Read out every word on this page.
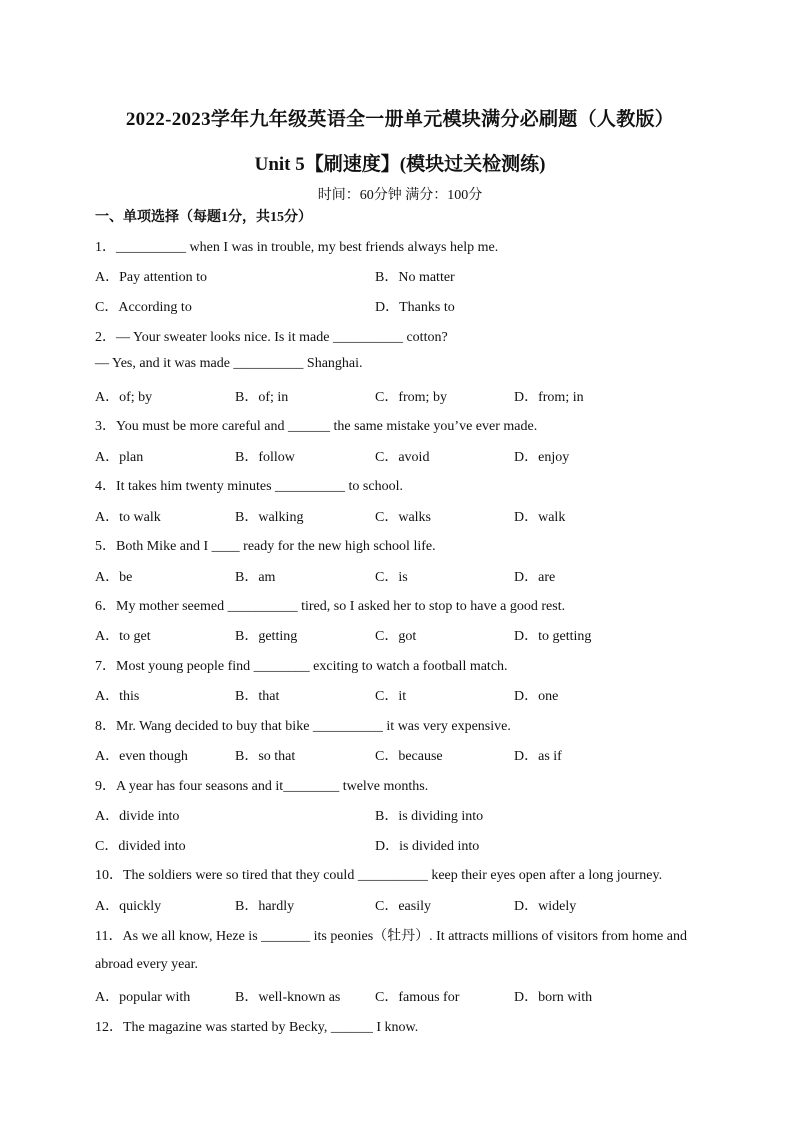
2022-2023学年九年级英语全一册单元模块满分必刷题（人教版）
Unit 5【刷速度】(模块过关检测练)
时间：60分钟 满分：100分
一、单项选择（每题1分，共15分）
1．__________ when I was in trouble, my best friends always help me.
A．Pay attention to	B．No matter
C．According to	D．Thanks to
2．— Your sweater looks nice. Is it made __________ cotton?
— Yes, and it was made __________ Shanghai.
A．of; by	B．of; in	C．from; by	D．from; in
3．You must be more careful and ______ the same mistake you’ve ever made.
A．plan	B．follow	C．avoid	D．enjoy
4．It takes him twenty minutes __________ to school.
A．to walk	B．walking	C．walks	D．walk
5．Both Mike and I ____ ready for the new high school life.
A．be	B．am	C．is	D．are
6．My mother seemed __________ tired, so I asked her to stop to have a good rest.
A．to get	B．getting	C．got	D．to getting
7．Most young people find ________ exciting to watch a football match.
A．this	B．that	C．it	D．one
8．Mr. Wang decided to buy that bike __________ it was very expensive.
A．even though	B．so that	C．because	D．as if
9．A year has four seasons and it________ twelve months.
A．divide into	B．is dividing into
C．divided into	D．is divided into
10．The soldiers were so tired that they could __________ keep their eyes open after a long journey.
A．quickly	B．hardly	C．easily	D．widely
11．As we all know, Heze is _______ its peonies（牡丹）. It attracts millions of visitors from home and
abroad every year.
A．popular with	B．well-known as C．famous for	D．born with
12．The magazine was started by Becky, ______ I know.
